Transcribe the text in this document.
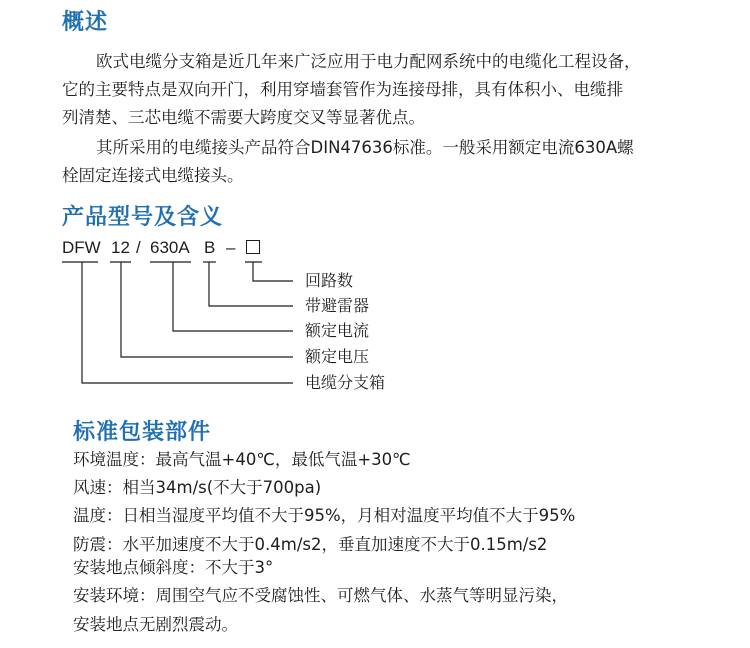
概述

欧式电缆分支箱是近几年来广泛应用于电力配网系统中的电缆化工程设备，

它的主要特点是双向开门，利用穿墙套管作为连接母排，具有体积小、电缆排

列清楚、三芯电缆不需要大跨度交叉等显著优点。

其所采用的电缆接头产品符合DIN47636标准。一般采用额定电流630A螺

栓固定连接式电缆接头。

产品型号及含义
DFW 12 / 630A B –
回路数
带避雷器
额定电流
额定电压
电缆分支箱
标准包装部件
环境温度：最高气温+40℃，最低气温+30℃
风速：相当34m/s(不大于700pa)
温度：日相当湿度平均值不大于95%，月相对温度平均值不大于95%
防震：水平加速度不大于0.4m/s2，垂直加速度不大于0.15m/s2
安装地点倾斜度：不大于3°
安装环境：周围空气应不受腐蚀性、可燃气体、水蒸气等明显污染，
安装地点无剧烈震动。
